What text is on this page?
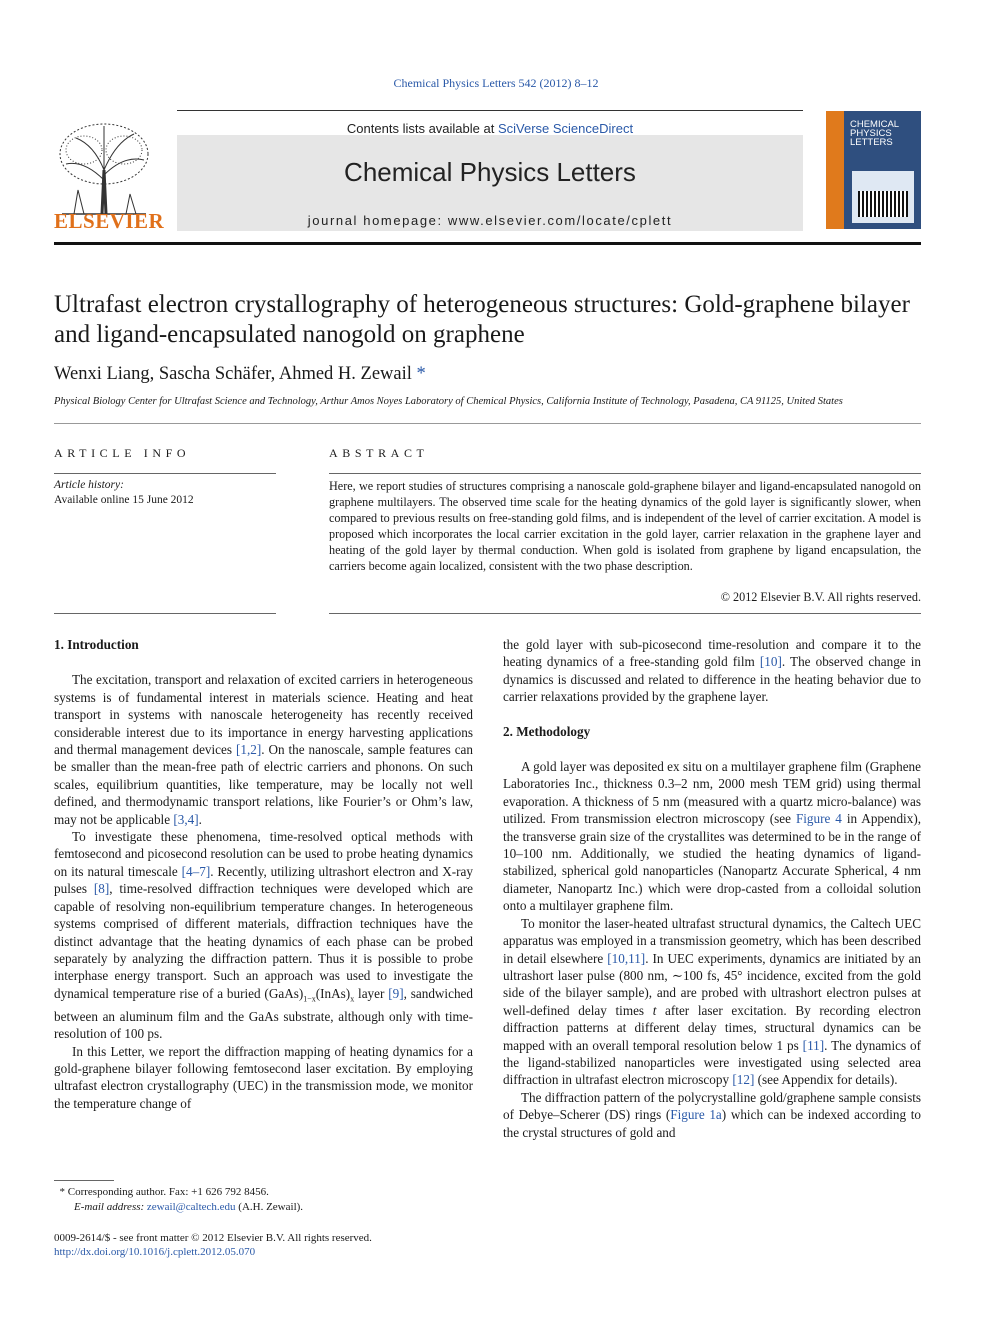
Chemical Physics Letters 542 (2012) 8–12
ELSEVIER
Contents lists available at SciVerse ScienceDirect
Chemical Physics Letters
journal homepage: www.elsevier.com/locate/cplett
CHEMICAL
PHYSICS
LETTERS
Ultrafast electron crystallography of heterogeneous structures: Gold-graphene bilayer and ligand-encapsulated nanogold on graphene
Wenxi Liang, Sascha Schäfer, Ahmed H. Zewail *
Physical Biology Center for Ultrafast Science and Technology, Arthur Amos Noyes Laboratory of Chemical Physics, California Institute of Technology, Pasadena, CA 91125, United States
ARTICLE INFO
Article history:
Available online 15 June 2012
ABSTRACT

Here, we report studies of structures comprising a nanoscale gold-graphene bilayer and ligand-encapsulated nanogold on graphene multilayers. The observed time scale for the heating dynamics of the gold layer is significantly slower, when compared to previous results on free-standing gold films, and is independent of the level of carrier excitation. A model is proposed which incorporates the local carrier excitation in the gold layer, carrier relaxation in the graphene layer and heating of the gold layer by thermal conduction. When gold is isolated from graphene by ligand encapsulation, the carriers become again localized, consistent with the two phase description.

© 2012 Elsevier B.V. All rights reserved.
1. Introduction

The excitation, transport and relaxation of excited carriers in heterogeneous systems is of fundamental interest in materials science. Heating and heat transport in systems with nanoscale heterogeneity has recently received considerable interest due to its importance in energy harvesting applications and thermal management devices [1,2]. On the nanoscale, sample features can be smaller than the mean-free path of electric carriers and phonons. On such scales, equilibrium quantities, like temperature, may be locally not well defined, and thermodynamic transport relations, like Fourier’s or Ohm’s law, may not be applicable [3,4].

To investigate these phenomena, time-resolved optical methods with femtosecond and picosecond resolution can be used to probe heating dynamics on its natural timescale [4–7]. Recently, utilizing ultrashort electron and X-ray pulses [8], time-resolved diffraction techniques were developed which are capable of resolving non-equilibrium temperature changes. In heterogeneous systems comprised of different materials, diffraction techniques have the distinct advantage that the heating dynamics of each phase can be probed separately by analyzing the diffraction pattern. Thus it is possible to probe interphase energy transport. Such an approach was used to investigate the dynamical temperature rise of a buried $(GaAs)_{1-x}(InAs)_x$ layer [9], sandwiched between an aluminum film and the GaAs substrate, although only with time-resolution of 100 ps.

In this Letter, we report the diffraction mapping of heating dynamics for a gold-graphene bilayer following femtosecond laser excitation. By employing ultrafast electron crystallography (UEC) in the transmission mode, we monitor the temperature change of

the gold layer with sub-picosecond time-resolution and compare it to the heating dynamics of a free-standing gold film [10]. The observed change in dynamics is discussed and related to difference in the heating behavior due to carrier relaxations provided by the graphene layer.

2. Methodology

A gold layer was deposited ex situ on a multilayer graphene film (Graphene Laboratories Inc., thickness 0.3–2 nm, 2000 mesh TEM grid) using thermal evaporation. A thickness of 5 nm (measured with a quartz micro-balance) was utilized. From transmission electron microscopy (see Figure 4 in Appendix), the transverse grain size of the crystallites was determined to be in the range of 10–100 nm. Additionally, we studied the heating dynamics of ligand-stabilized, spherical gold nanoparticles (Nanopartz Accurate Spherical, 4 nm diameter, Nanopartz Inc.) which were drop-casted from a colloidal solution onto a multilayer graphene film.

To monitor the laser-heated ultrafast structural dynamics, the Caltech UEC apparatus was employed in a transmission geometry, which has been described in detail elsewhere [10,11]. In UEC experiments, dynamics are initiated by an ultrashort laser pulse (800 nm, ∼100 fs, 45° incidence, excited from the gold side of the bilayer sample), and are probed with ultrashort electron pulses at well-defined delay times t after laser excitation. By recording electron diffraction patterns at different delay times, structural dynamics can be mapped with an overall temporal resolution below 1 ps [11]. The dynamics of the ligand-stabilized nanoparticles were investigated using selected area diffraction in ultrafast electron microscopy [12] (see Appendix for details).

The diffraction pattern of the polycrystalline gold/graphene sample consists of Debye–Scherer (DS) rings (Figure 1a) which can be indexed according to the crystal structures of gold and

* Corresponding author. Fax: +1 626 792 8456.
E-mail address: zewail@caltech.edu (A.H. Zewail).
0009-2614/$ - see front matter © 2012 Elsevier B.V. All rights reserved.
http://dx.doi.org/10.1016/j.cplett.2012.05.070
